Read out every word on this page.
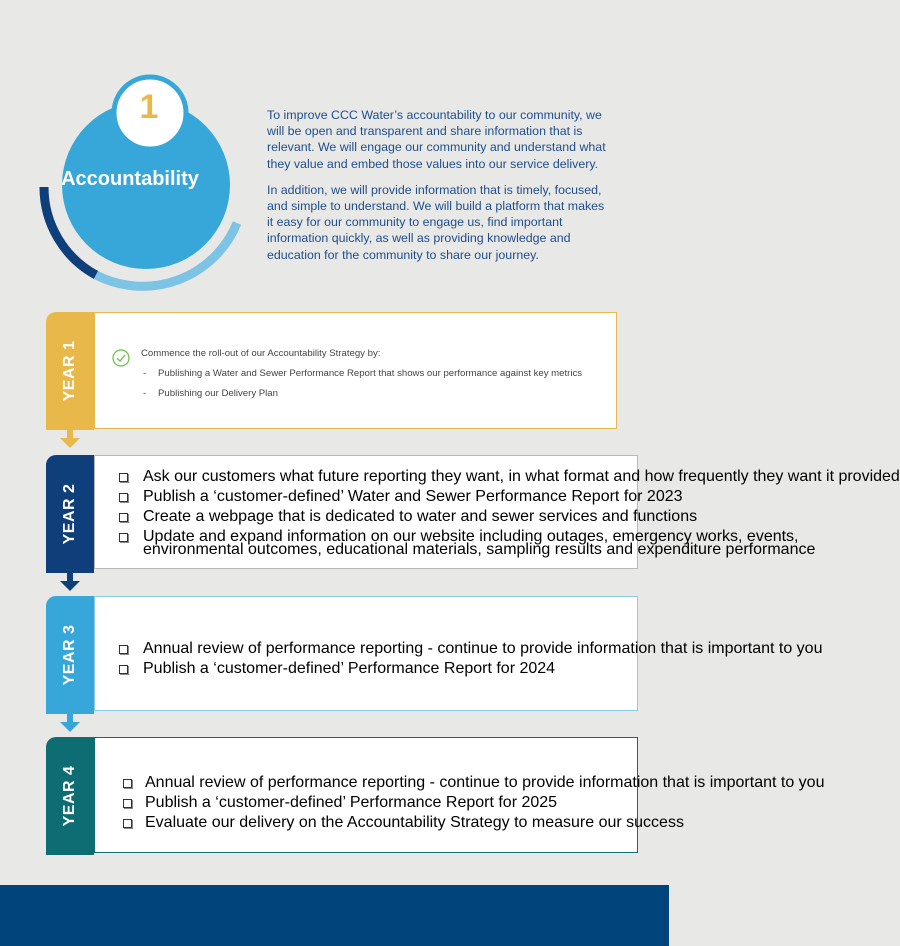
1
Accountability

To improve CCC Water’s accountability to our community, we will be open and transparent and share information that is relevant. We will engage our community and understand what they value and embed those values into our service delivery.

In addition, we will provide information that is timely, focused, and simple to understand. We will build a platform that makes it easy for our community to engage us, find important information quickly, as well as providing knowledge and education for the community to share our journey.

YEAR 1	Commence the roll-out of our Accountability Strategy by:
- Publishing a Water and Sewer Performance Report that shows our performance against key metrics
- Publishing our Delivery Plan
YEAR 2
Ask our customers what future reporting they want, in what format and how frequently they want it provided
Publish a ‘customer-defined’ Water and Sewer Performance Report for 2023
Create a webpage that is dedicated to water and sewer services and functions
Update and expand information on our website including outages, emergency works, events,
environmental outcomes, educational materials, sampling results and expenditure performance
YEAR 3	Annual review of performance reporting - continue to provide information that is important to you
Publish a ‘customer-defined’ Performance Report for 2024
YEAR 4	Annual review of performance reporting - continue to provide information that is important to you
Publish a ‘customer-defined’ Performance Report for 2025
Evaluate our delivery on the Accountability Strategy to measure our success
